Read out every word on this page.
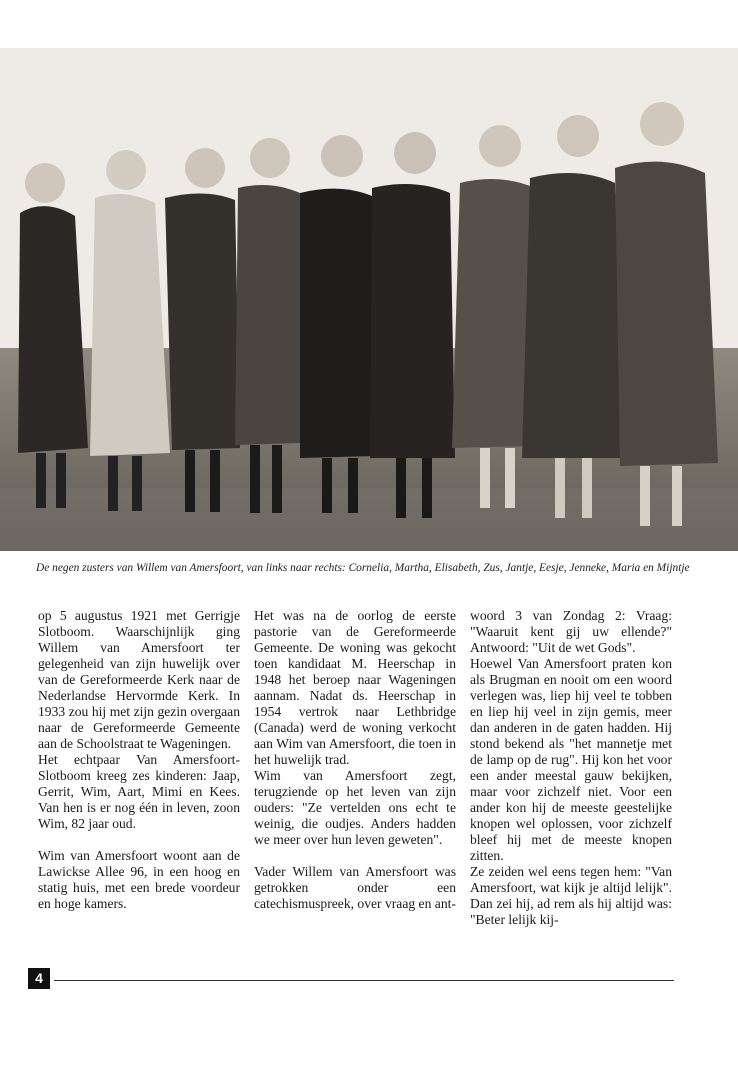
De negen zusters van Willem van Amersfoort, van links naar rechts: Cornelia, Martha, Elisabeth, Zus, Jantje, Eesje, Jenneke, Maria en Mijntje

op 5 augustus 1921 met Gerrigje Slotboom. Waarschijnlijk ging Willem van Amersfoort ter gelegenheid van zijn huwelijk over van de Gereformeerde Kerk naar de Nederlandse Hervormde Kerk. In 1933 zou hij met zijn gezin overgaan naar de Gereformeerde Gemeente aan de Schoolstraat te Wageningen.

Het echtpaar Van Amersfoort-Slotboom kreeg zes kinderen: Jaap, Gerrit, Wim, Aart, Mimi en Kees. Van hen is er nog één in leven, zoon Wim, 82 jaar oud.

Wim van Amersfoort woont aan de Lawickse Allee 96, in een hoog en statig huis, met een brede voordeur en hoge kamers.

Het was na de oorlog de eerste pastorie van de Gereformeerde Gemeente. De woning was gekocht toen kandidaat M. Heerschap in 1948 het beroep naar Wageningen aannam. Nadat ds. Heerschap in 1954 vertrok naar Lethbridge (Canada) werd de woning verkocht aan Wim van Amersfoort, die toen in het huwelijk trad.

Wim van Amersfoort zegt, terugziende op het leven van zijn ouders: "Ze vertelden ons echt te weinig, die oudjes. Anders hadden we meer over hun leven geweten".

Vader Willem van Amersfoort was getrokken onder een catechismuspreek, over vraag en ant-

woord 3 van Zondag 2: Vraag: "Waaruit kent gij uw ellende?" Antwoord: "Uit de wet Gods".

Hoewel Van Amersfoort praten kon als Brugman en nooit om een woord verlegen was, liep hij veel te tobben en liep hij veel in zijn gemis, meer dan anderen in de gaten hadden. Hij stond bekend als "het mannetje met de lamp op de rug". Hij kon het voor een ander meestal gauw bekijken, maar voor zichzelf niet. Voor een ander kon hij de meeste geestelijke knopen wel oplossen, voor zichzelf bleef hij met de meeste knopen zitten.

Ze zeiden wel eens tegen hem: "Van Amersfoort, wat kijk je altijd lelijk". Dan zei hij, ad rem als hij altijd was: "Beter lelijk kij-

4
